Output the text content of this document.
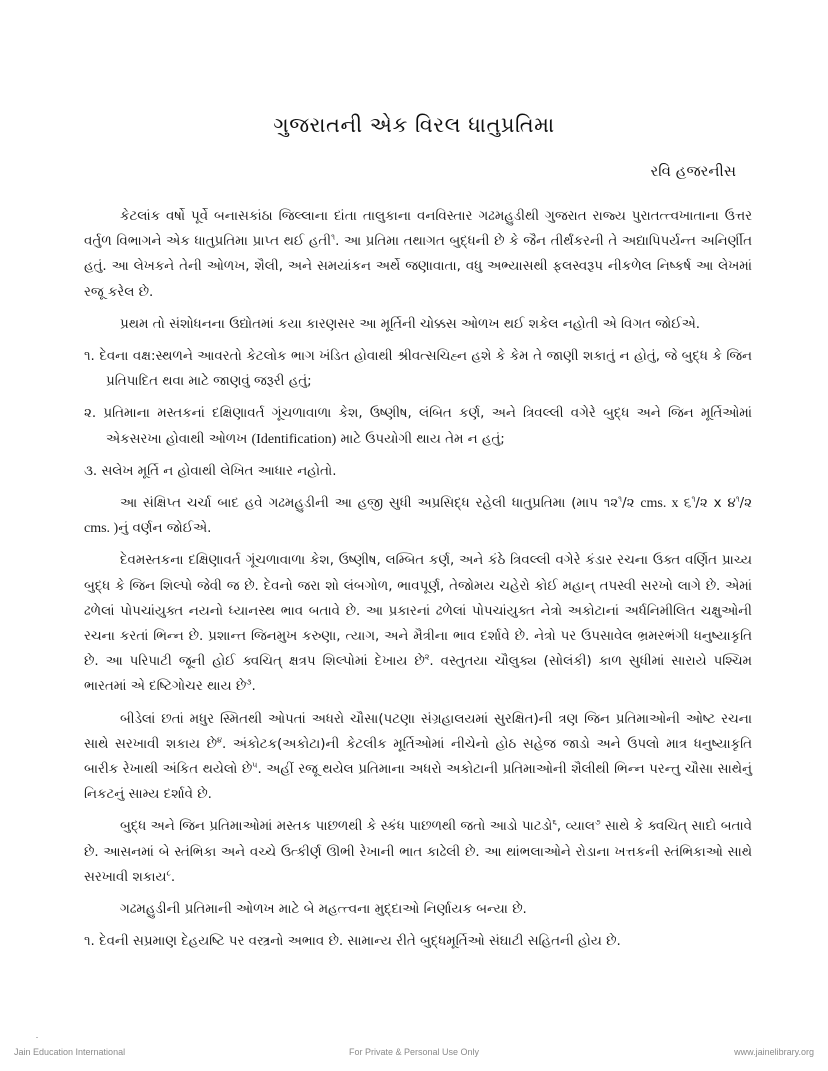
ગુજરાતની એક વિરલ ધાતુપ્રતિમા
રવિ હજરનીસ

કેટલાંક વર્ષો પૂર્વે બનાસકાંઠા જિલ્લાના દાંતા તાલુકાના વનવિસ્તાર ગઢમહુડીથી ગુજરાત રાજ્ય પુરાતત્ત્વખાતાના ઉત્તર વર્તુળ વિભાગને એક ધાતુપ્રતિમા પ્રાપ્ત થઈ હતી$^૧$. આ પ્રતિમા તથાગત બુદ્ધની છે કે જૈન તીર્થંકરની તે અદ્યાપિપર્યન્ત અનિર્ણીત હતું. આ લેખકને તેની ઓળખ, શૈલી, અને સમયાંકન અર્થે જણાવાતા, વધુ અભ્યાસથી ફલસ્વરૂપ નીકળેલ નિષ્કર્ષ આ લેખમાં રજૂ કરેલ છે.

પ્રથમ તો સંશોધનના ઉદ્યોતમાં કયા કારણસર આ મૂર્તિની ચોક્કસ ઓળખ થઈ શકેલ નહોતી એ વિગત જોઈએ.

૧. દેવના વક્ષ:સ્થળને આવરતો કેટલોક ભાગ ખંડિત હોવાથી શ્રીવત્સચિહ્ન હશે કે કેમ તે જાણી શકાતું ન હોતું, જે બુદ્ધ કે જિન પ્રતિપાદિત થવા માટે જાણવું જરૂરી હતું;

૨. પ્રતિમાના મસ્તકનાં દક્ષિણાવર્ત ગૂંચળાવાળા કેશ, ઉષ્ણીષ, લંબિત કર્ણ, અને ત્રિવલ્લી વગેરે બુદ્ધ અને જિન મૂર્તિઓમાં એકસરખા હોવાથી ઓળખ (Identification) માટે ઉપયોગી થાય તેમ ન હતું;

૩. સલેખ મૂર્તિ ન હોવાથી લેખિત આધાર નહોતો.

આ સંક્ષિપ્ત ચર્ચા બાદ હવે ગઢમહુડીની આ હજી સુધી અપ્રસિદ્ધ રહેલી ધાતુપ્રતિમા (માપ $૧૨^૧/૨$ cms. x $૬^૧/૨$ x $૪^૧/૨$ cms. )નું વર્ણન જોઈએ.

દેવમસ્તકના દક્ષિણાવર્ત ગૂંચળાવાળા કેશ, ઉષ્ણીષ, લમ્બિત કર્ણ, અને કંઠે ત્રિવલ્લી વગેરે કંડાર રચના ઉક્ત વર્ણિત પ્રાચ્ય બુદ્ધ કે જિન શિલ્પો જેવી જ છે. દેવનો જરા શો લંબગોળ, ભાવપૂર્ણ, તેજોમય ચહેરો કોઈ મહાન્ તપસ્વી સરખો લાગે છે. એમાં ઢળેલાં પોપચાંયુક્ત નયનો ધ્યાનસ્થ ભાવ બતાવે છે. આ પ્રકારનાં ઢળેલાં પોપચાંયુક્ત નેત્રો અકોટાનાં અર્ધનિમીલિત ચક્ષુઓની રચના કરતાં ભિન્ન છે. પ્રશાન્ત જિનમુખ કરુણા, ત્યાગ, અને મૈત્રીના ભાવ દર્શાવે છે. નેત્રો પર ઉપસાવેલ ભ્રમરભંગી ધનુષ્યાકૃતિ છે. આ પરિપાટી જૂની હોઈ ક્વચિત્ ક્ષત્રપ શિલ્પોમાં દેખાય છે$^૨$. વસ્તુતયા ચૌલુક્ય (સોલંકી) કાળ સુધીમાં સારાયે પશ્ચિમ ભારતમાં એ દષ્ટિગોચર થાય છે$^૩$.

બીડેલાં છતાં મધુર સ્મિતથી ઓપતાં અધરો ચૌસા(પટણા સંગ્રહાલયમાં સુરક્ષિત)ની ત્રણ જિન પ્રતિમાઓની ઓષ્ટ રચના સાથે સરખાવી શકાય છે$^૪$. અંકોટક(અકોટા)ની કેટલીક મૂર્તિઓમાં નીચેનો હોઠ સહેજ જાડો અને ઉપલો માત્ર ધનુષ્યાકૃતિ બારીક રેખાથી અંકિત થયેલો છે$^૫$. અહીં રજૂ થયેલ પ્રતિમાના અધરો અકોટાની પ્રતિમાઓની શૈલીથી ભિન્ન પરન્તુ ચૌસા સાથેનું નિકટનું સામ્ય દર્શાવે છે.

બુદ્ધ અને જિન પ્રતિમાઓમાં મસ્તક પાછળથી કે સ્કંધ પાછળથી જતો આડો પાટડો$^૬$, વ્યાલ$^૭$ સાથે કે ક્વચિત્ સાદો બતાવે છે. આસનમાં બે સ્તંભિકા અને વચ્ચે ઉત્કીર્ણ ઊભી રેખાની ભાત કાઢેલી છે. આ થાંભલાઓને રોડાના ખત્તકની સ્તંભિકાઓ સાથે સરખાવી શકાય$^૮$.

ગઢમહુડીની પ્રતિમાની ઓળખ માટે બે મહત્ત્વના મુદ્દાઓ નિર્ણાયક બન્યા છે.

૧. દેવની સપ્રમાણ દેહયષ્ટિ પર વસ્ત્રનો અભાવ છે. સામાન્ય રીતે બુદ્ધમૂર્તિઓ સંઘાટી સહિતની હોય છે.

Jain Education International	For Private & Personal Use Only	www.jainelibrary.org
